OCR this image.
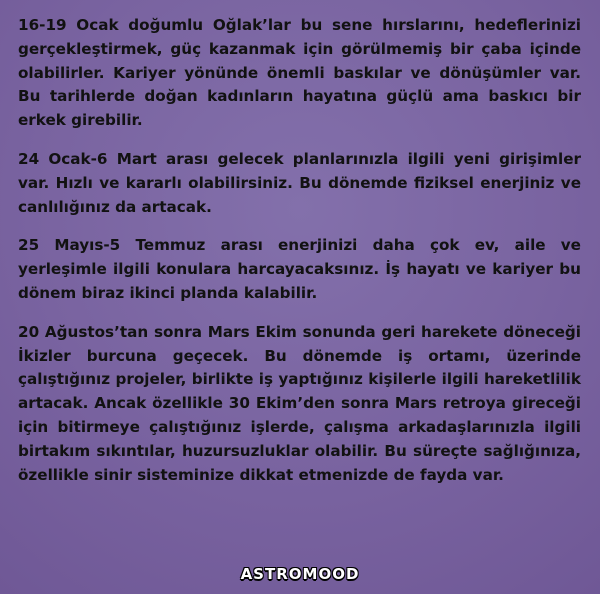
16-19 Ocak doğumlu Oğlak’lar bu sene hırslarını, hedeflerinizi gerçekleştirmek, güç kazanmak için görülmemiş bir çaba içinde olabilirler. Kariyer yönünde önemli baskılar ve dönüşümler var. Bu tarihlerde doğan kadınların hayatına güçlü ama baskıcı bir erkek girebilir.

24 Ocak-6 Mart arası gelecek planlarınızla ilgili yeni girişimler var. Hızlı ve kararlı olabilirsiniz. Bu dönemde fiziksel enerjiniz ve canlılığınız da artacak.

25 Mayıs-5 Temmuz arası enerjinizi daha çok ev, aile ve yerleşimle ilgili konulara harcayacaksınız. İş hayatı ve kariyer bu dönem biraz ikinci planda kalabilir.

20 Ağustos’tan sonra Mars Ekim sonunda geri harekete döneceği İkizler burcuna geçecek. Bu dönemde iş ortamı, üzerinde çalıştığınız projeler, birlikte iş yaptığınız kişilerle ilgili hareketlilik artacak. Ancak özellikle 30 Ekim’den sonra Mars retroya gireceği için bitirmeye çalıştığınız işlerde, çalışma arkadaşlarınızla ilgili birtakım sıkıntılar, huzursuzluklar olabilir. Bu süreçte sağlığınıza, özellikle sinir sisteminize dikkat etmenizde de fayda var.

ASTROMOOD
